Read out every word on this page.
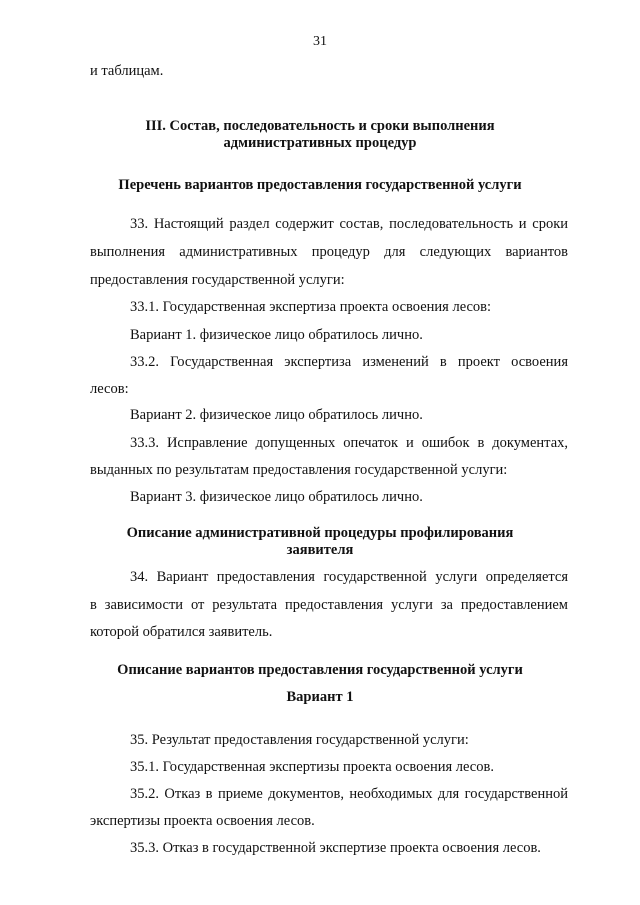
31
и таблицам.
III. Состав, последовательность и сроки выполнения
административных процедур
Перечень вариантов предоставления государственной услуги
33. Настоящий раздел содержит состав, последовательность и сроки
выполнения административных процедур для следующих вариантов
предоставления государственной услуги:
33.1. Государственная экспертиза проекта освоения лесов:
Вариант 1. физическое лицо обратилось лично.
33.2. Государственная экспертиза изменений в проект освоения
лесов:
Вариант 2. физическое лицо обратилось лично.
33.3. Исправление допущенных опечаток и ошибок в документах,
выданных по результатам предоставления государственной услуги:
Вариант 3. физическое лицо обратилось лично.
Описание административной процедуры профилирования
заявителя
34. Вариант предоставления государственной услуги определяется
в зависимости от результата предоставления услуги за предоставлением
которой обратился заявитель.
Описание вариантов предоставления государственной услуги
Вариант 1
35. Результат предоставления государственной услуги:
35.1. Государственная экспертизы проекта освоения лесов.
35.2. Отказ в приеме документов, необходимых для государственной
экспертизы проекта освоения лесов.
35.3. Отказ в государственной экспертизе проекта освоения лесов.
